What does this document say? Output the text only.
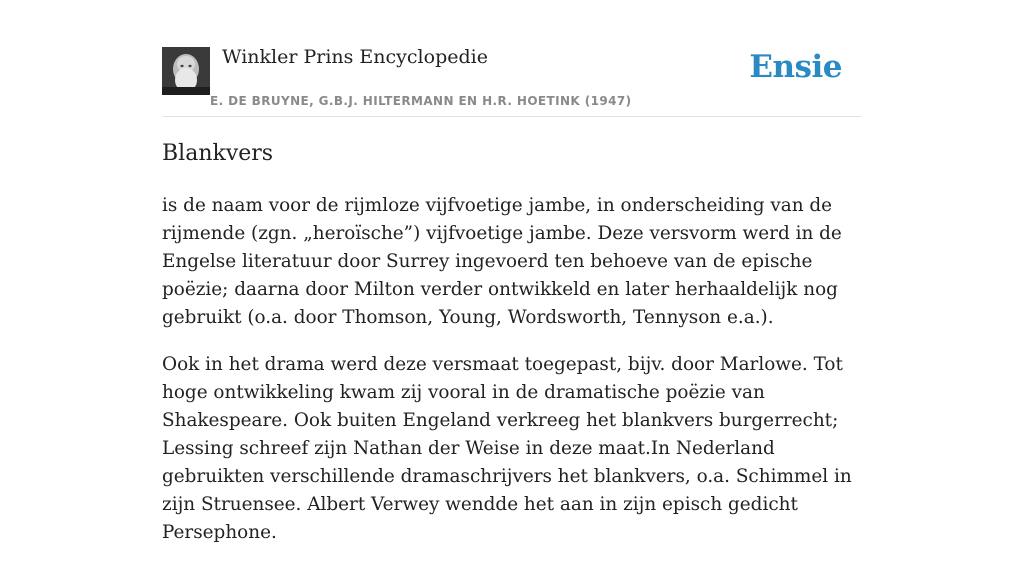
Winkler Prins Encyclopedie
E. DE BRUYNE, G.B.J. HILTERMANN EN H.R. HOETINK (1947)
Ensie
Blankvers

is de naam voor de rijmloze vijfvoetige jambe, in onderscheiding van de rijmende (zgn. „heroïsche”) vijfvoetige jambe. Deze versvorm werd in de Engelse literatuur door Surrey ingevoerd ten behoeve van de epische poëzie; daarna door Milton verder ontwikkeld en later herhaaldelijk nog gebruikt (o.a. door Thomson, Young, Wordsworth, Tennyson e.a.).

Ook in het drama werd deze versmaat toegepast, bijv. door Marlowe. Tot hoge ontwikkeling kwam zij vooral in de dramatische poëzie van Shakespeare. Ook buiten Engeland verkreeg het blankvers burgerrecht; Lessing schreef zijn Nathan der Weise in deze maat.In Nederland gebruikten verschillende dramaschrijvers het blankvers, o.a. Schimmel in zijn Struensee. Albert Verwey wendde het aan in zijn episch gedicht Persephone.
